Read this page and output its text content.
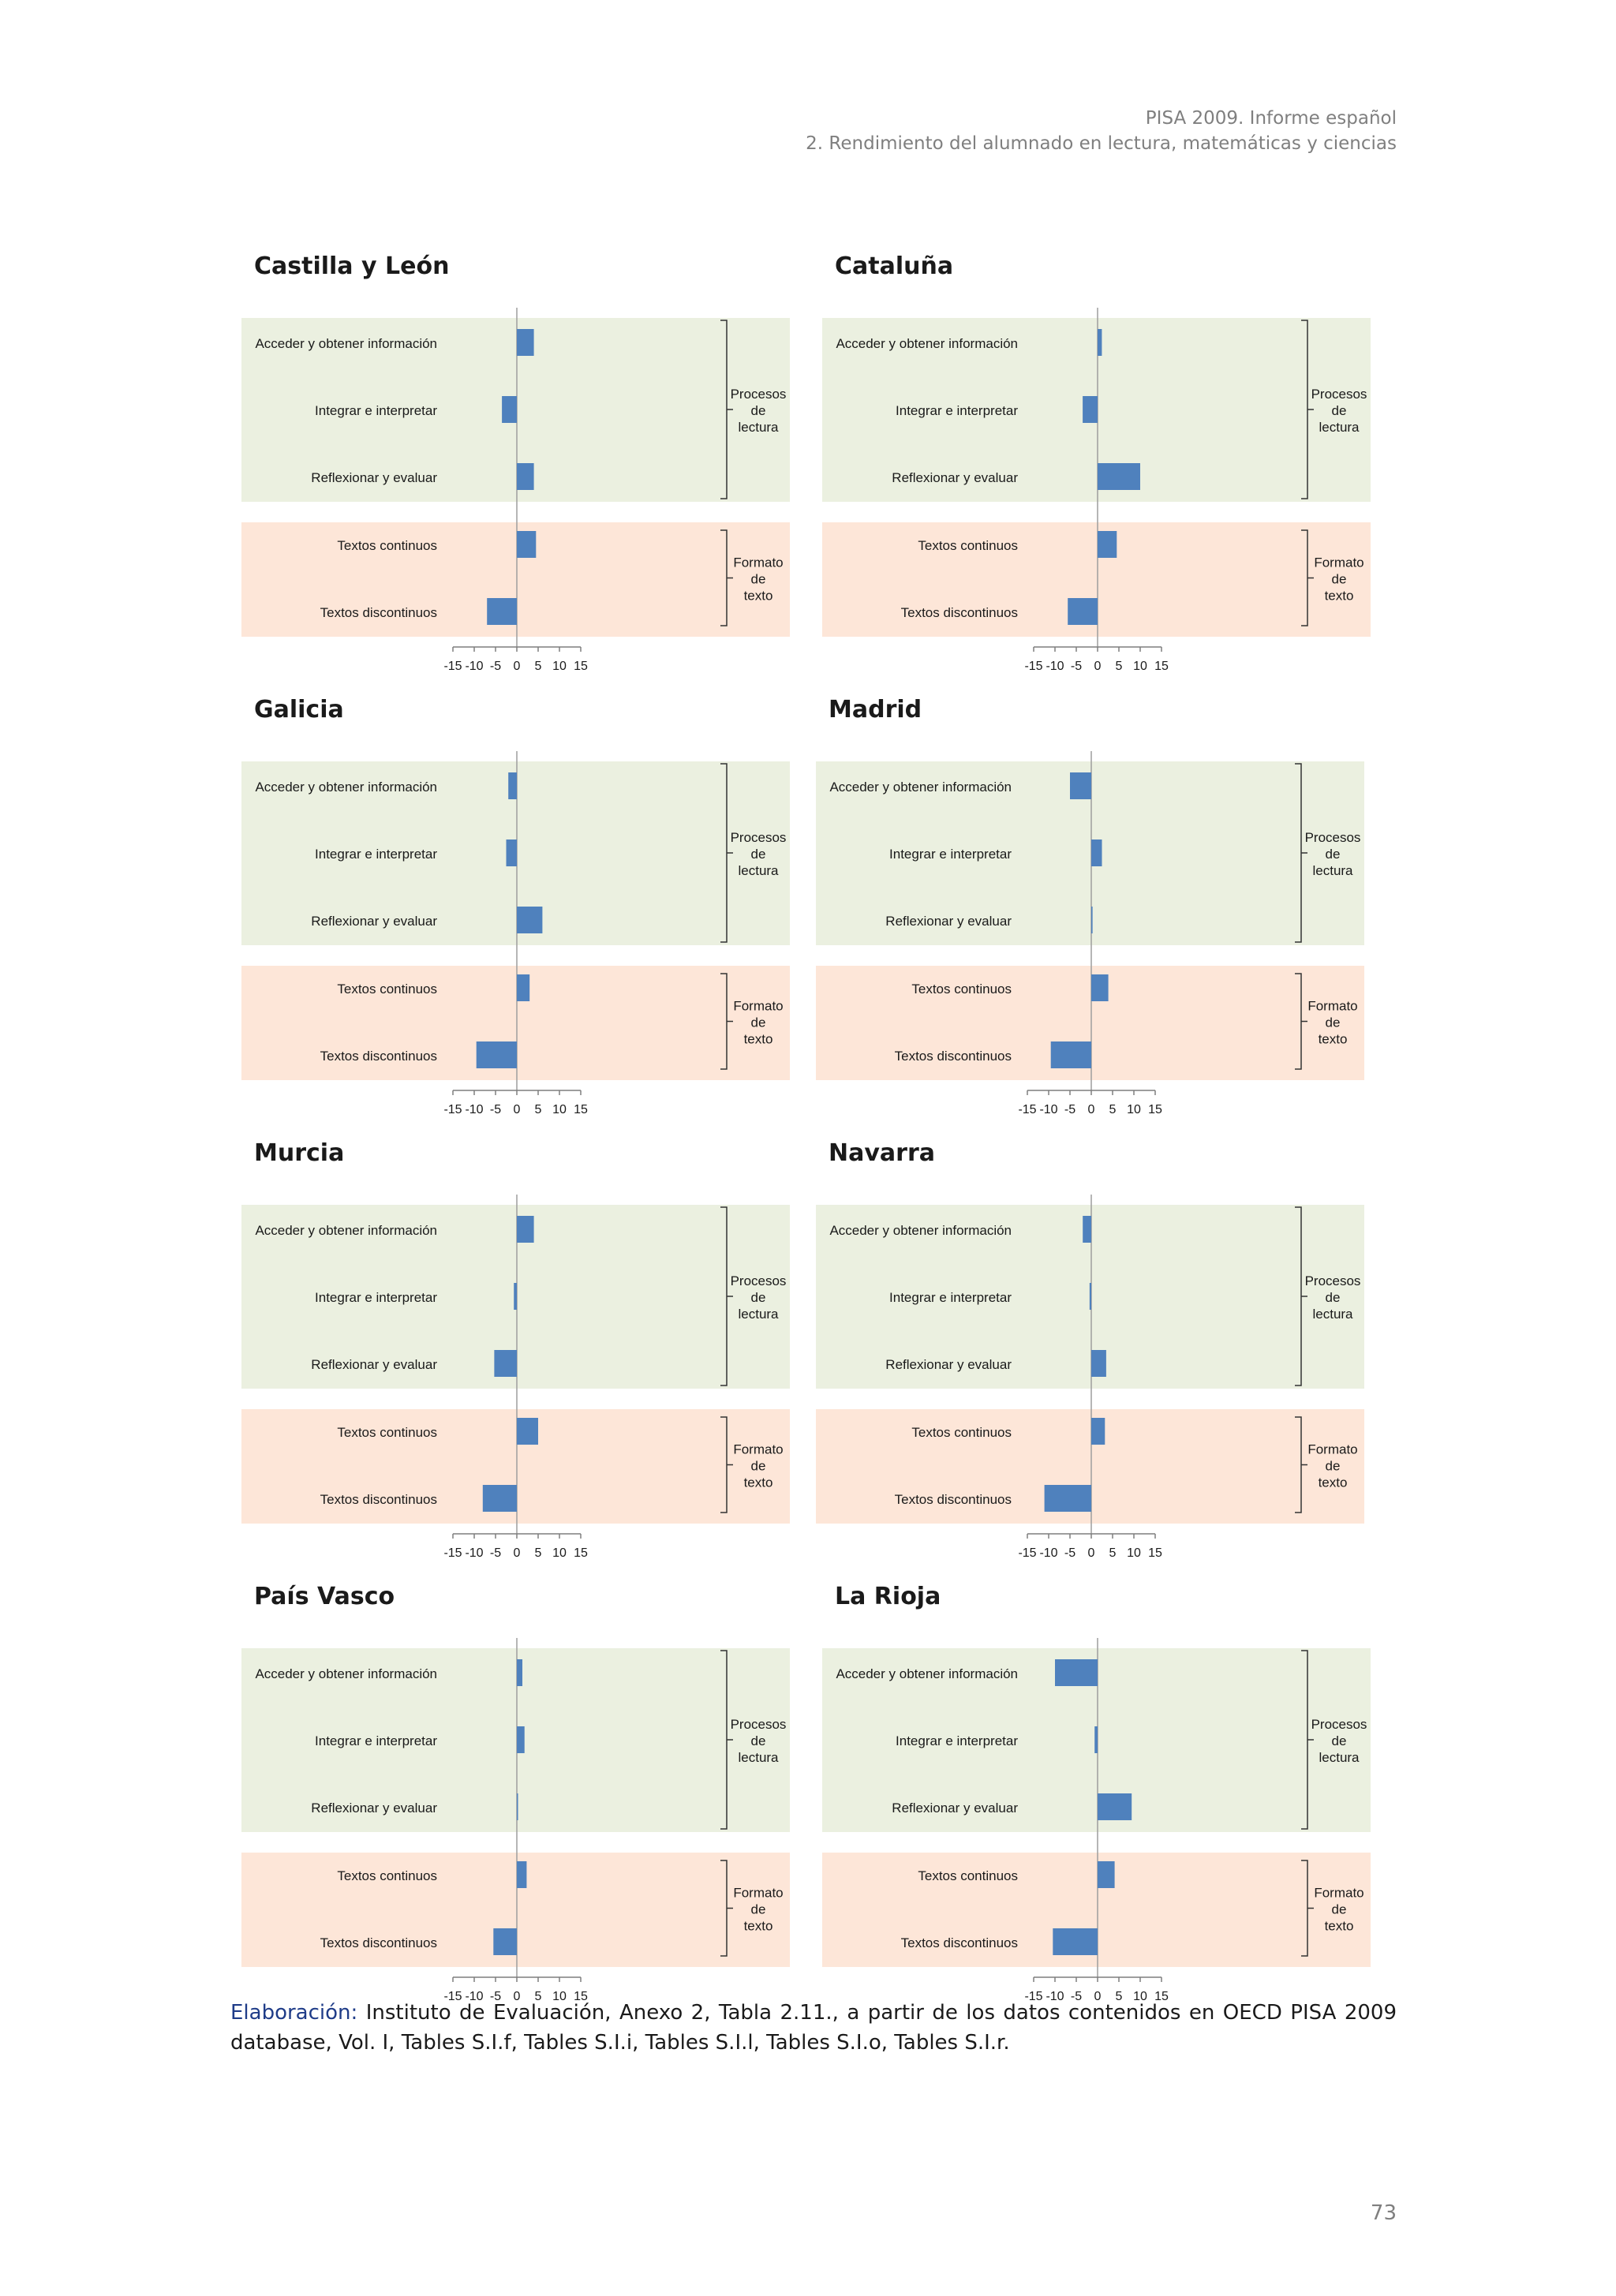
PISA 2009. Informe español
2. Rendimiento del alumnado en lectura, matemáticas y ciencias
Castilla y León
Acceder y obtener información
Integrar e interpretar
Reflexionar y evaluar
Textos continuos
Textos discontinuos
Procesos
de
lectura
Formato
de
texto
-15 -10 -5 0 5 10 15
Cataluña
Acceder y obtener información
Integrar e interpretar
Reflexionar y evaluar
Textos continuos
Textos discontinuos
Procesos
de
lectura
Formato
de
texto
-15 -10 -5 0 5 10 15
Galicia
Acceder y obtener información
Integrar e interpretar
Reflexionar y evaluar
Textos continuos
Textos discontinuos
Procesos
de
lectura
Formato
de
texto
-15 -10 -5 0 5 10 15
Madrid
Acceder y obtener información
Integrar e interpretar
Reflexionar y evaluar
Textos continuos
Textos discontinuos
Procesos
de
lectura
Formato
de
texto
-15 -10 -5 0 5 10 15
Murcia
Acceder y obtener información
Integrar e interpretar
Reflexionar y evaluar
Textos continuos
Textos discontinuos
Procesos
de
lectura
Formato
de
texto
-15 -10 -5 0 5 10 15
Navarra
Acceder y obtener información
Integrar e interpretar
Reflexionar y evaluar
Textos continuos
Textos discontinuos
Procesos
de
lectura
Formato
de
texto
-15 -10 -5 0 5 10 15
País Vasco
Acceder y obtener información
Integrar e interpretar
Reflexionar y evaluar
Textos continuos
Textos discontinuos
Procesos
de
lectura
Formato
de
texto
-15 -10 -5 0 5 10 15
La Rioja
Acceder y obtener información
Integrar e interpretar
Reflexionar y evaluar
Textos continuos
Textos discontinuos
Procesos
de
lectura
Formato
de
texto
-15 -10 -5 0 5 10 15
Elaboración: Instituto de Evaluación, Anexo 2, Tabla 2.11., a partir de los datos contenidos en OECD PISA 2009 database, Vol. I, Tables S.I.f, Tables S.I.i, Tables S.I.l, Tables S.I.o, Tables S.I.r.
73
